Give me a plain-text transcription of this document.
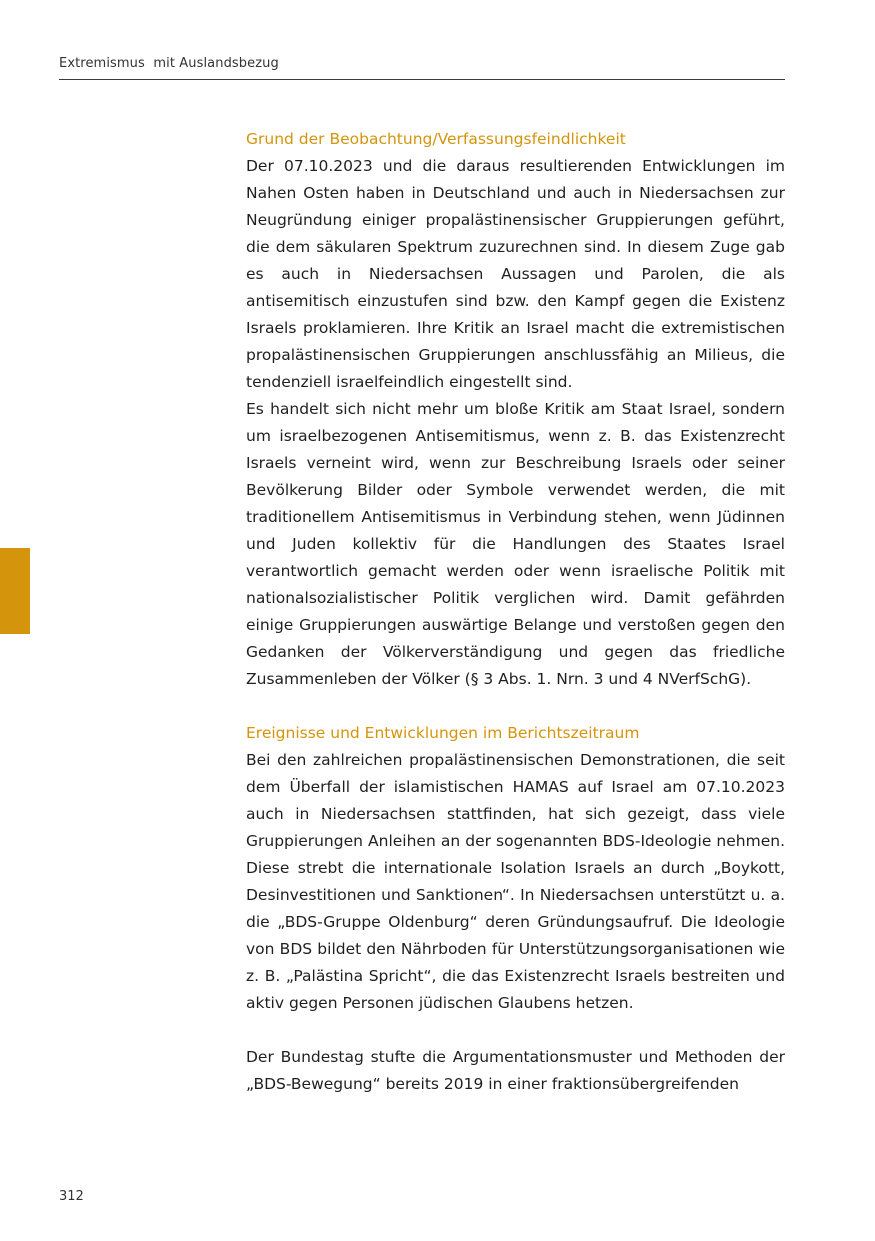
Extremismus  mit Auslandsbezug
Grund der Beobachtung/Verfassungsfeindlichkeit

Der 07.10.2023 und die daraus resultierenden Entwicklungen im Nahen Osten haben in Deutschland und auch in Niedersachsen zur Neugründung einiger propalästinensischer Gruppierungen geführt, die dem säkularen Spektrum zuzurechnen sind. In diesem Zuge gab es auch in Niedersachsen Aussagen und Parolen, die als antisemitisch einzustufen sind bzw. den Kampf gegen die Existenz Israels proklamieren. Ihre Kritik an Israel macht die extremistischen propalästinensischen Gruppierungen anschlussfähig an Milieus, die tendenziell israelfeindlich eingestellt sind.

Es handelt sich nicht mehr um bloße Kritik am Staat Israel, sondern um israelbezogenen Antisemitismus, wenn z. B. das Existenzrecht Israels verneint wird, wenn zur Beschreibung Israels oder seiner Bevölkerung Bilder oder Symbole verwendet werden, die mit traditionellem Antisemitismus in Verbindung stehen, wenn Jüdinnen und Juden kollektiv für die Handlungen des Staates Israel verantwortlich gemacht werden oder wenn israelische Politik mit nationalsozialistischer Politik verglichen wird. Damit gefährden einige Gruppierungen auswärtige Belange und verstoßen gegen den Gedanken der Völkerverständigung und gegen das friedliche Zusammenleben der Völker (§ 3 Abs. 1. Nrn. 3 und 4 NVerfSchG).

Ereignisse und Entwicklungen im Berichtszeitraum

Bei den zahlreichen propalästinensischen Demonstrationen, die seit dem Überfall der islamistischen HAMAS auf Israel am 07.10.2023 auch in Niedersachsen stattfinden, hat sich gezeigt, dass viele Gruppierungen Anleihen an der sogenannten BDS-Ideologie nehmen. Diese strebt die internationale Isolation Israels an durch „Boykott, Desinvestitionen und Sanktionen“. In Niedersachsen unterstützt u. a. die „BDS-Gruppe Oldenburg“ deren Gründungsaufruf. Die Ideologie von BDS bildet den Nährboden für Unterstützungsorganisationen wie z. B. „Palästina Spricht“, die das Existenzrecht Israels bestreiten und aktiv gegen Personen jüdischen Glaubens hetzen.

Der Bundestag stufte die Argumentationsmuster und Methoden der „BDS-Bewegung“ bereits 2019 in einer fraktionsübergreifenden

312
